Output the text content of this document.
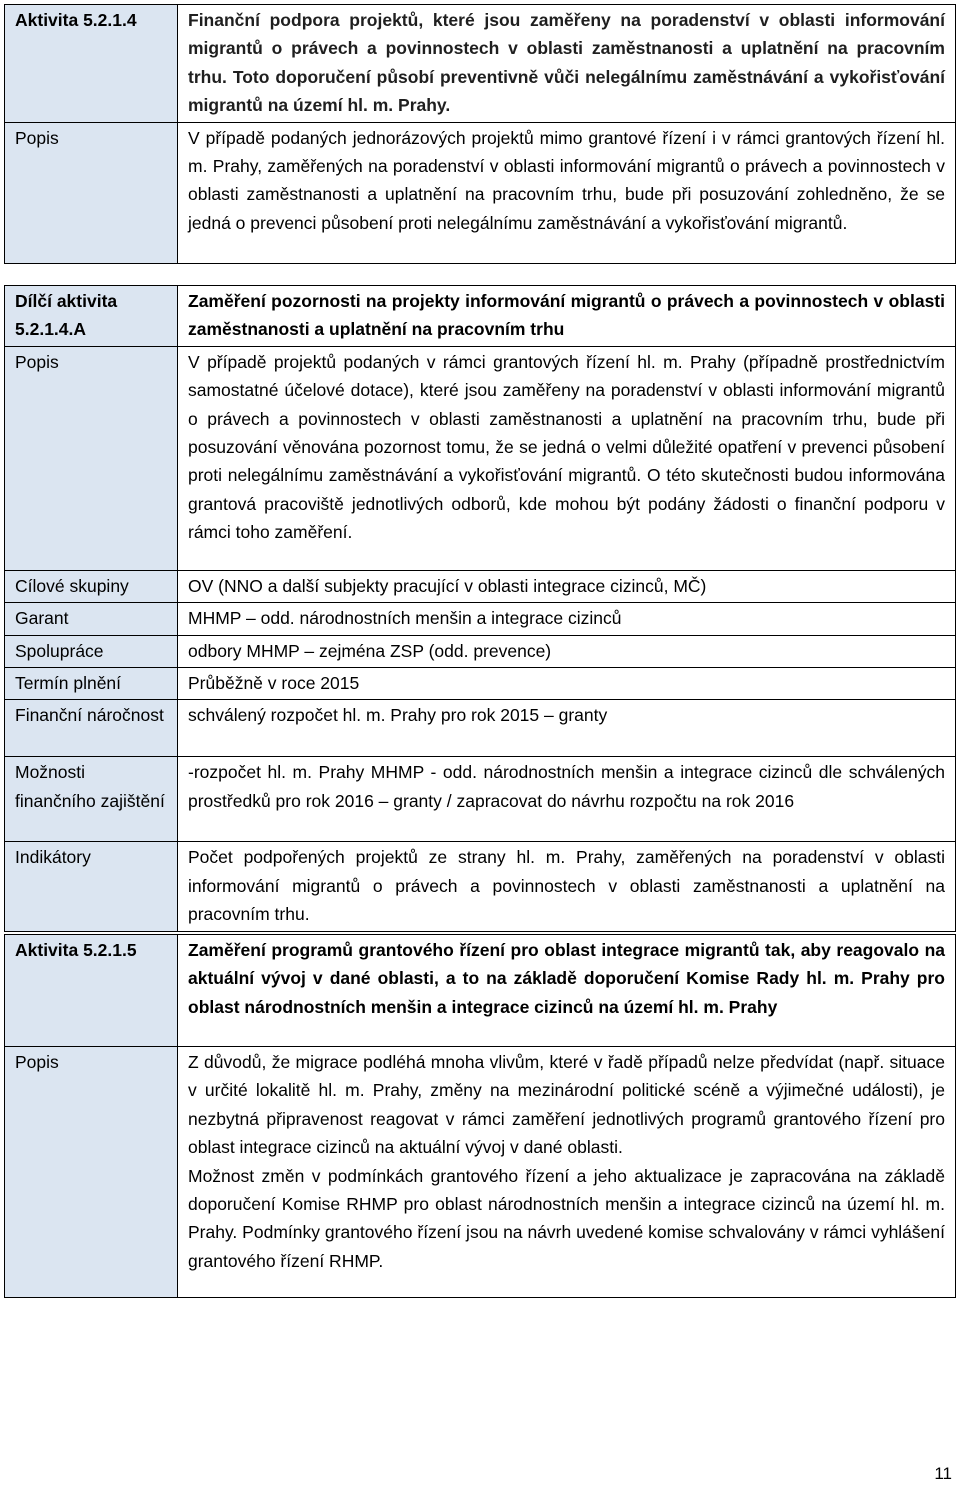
Aktivita 5.2.1.4	Finanční podpora projektů, které jsou zaměřeny na poradenství v oblasti informování migrantů o právech a povinnostech v oblasti zaměstnanosti a uplatnění na pracovním trhu. Toto doporučení působí preventivně vůči nelegálnímu zaměstnávání a vykořisťování migrantů na území hl. m. Prahy.
Popis	V případě podaných jednorázových projektů mimo grantové řízení i v rámci grantových řízení hl. m. Prahy, zaměřených na poradenství v oblasti informování migrantů o právech a povinnostech v oblasti zaměstnanosti a uplatnění na pracovním trhu, bude při posuzování zohledněno, že se jedná o prevenci působení proti nelegálnímu zaměstnávání a vykořisťování migrantů.
Dílčí aktivita 5.2.1.4.A	Zaměření pozornosti na projekty informování migrantů o právech a povinnostech v oblasti zaměstnanosti a uplatnění na pracovním trhu
Popis	V případě projektů podaných v rámci grantových řízení hl. m. Prahy (případně prostřednictvím samostatné účelové dotace), které jsou zaměřeny na poradenství v oblasti informování migrantů o právech a povinnostech v oblasti zaměstnanosti a uplatnění na pracovním trhu, bude při posuzování věnována pozornost tomu, že se jedná o velmi důležité opatření v prevenci působení proti nelegálnímu zaměstnávání a vykořisťování migrantů. O této skutečnosti budou informována grantová pracoviště jednotlivých odborů, kde mohou být podány žádosti o finanční podporu v rámci toho zaměření.
Cílové skupiny	OV (NNO a další subjekty pracující v oblasti integrace cizinců, MČ)
Garant	MHMP – odd. národnostních menšin a integrace cizinců
Spolupráce	odbory MHMP – zejména ZSP (odd. prevence)
Termín plnění	Průběžně v roce 2015
Finanční náročnost	schválený rozpočet hl. m. Prahy pro rok 2015 – granty
Možnosti finančního zajištění	-rozpočet hl. m. Prahy MHMP - odd. národnostních menšin a integrace cizinců dle schválených prostředků pro rok 2016 – granty / zapracovat do návrhu rozpočtu na rok 2016
Indikátory	Počet podpořených projektů ze strany hl. m. Prahy, zaměřených na poradenství v oblasti informování migrantů o právech a povinnostech v oblasti zaměstnanosti a uplatnění na pracovním trhu.
Aktivita 5.2.1.5	Zaměření programů grantového řízení pro oblast integrace migrantů tak, aby reagovalo na aktuální vývoj v dané oblasti, a to na základě doporučení Komise Rady hl. m. Prahy pro oblast národnostních menšin a integrace cizinců na území hl. m. Prahy
Popis	Z důvodů, že migrace podléhá mnoha vlivům, které v řadě případů nelze předvídat (např. situace v určité lokalitě hl. m. Prahy, změny na mezinárodní politické scéně a výjimečné události), je nezbytná připravenost reagovat v rámci zaměření jednotlivých programů grantového řízení pro oblast integrace cizinců na aktuální vývoj v dané oblasti.
Možnost změn v podmínkách grantového řízení a jeho aktualizace je zapracována na základě doporučení Komise RHMP pro oblast národnostních menšin a integrace cizinců na území hl. m. Prahy. Podmínky grantového řízení jsou na návrh uvedené komise schvalovány v rámci vyhlášení grantového řízení RHMP.
11
